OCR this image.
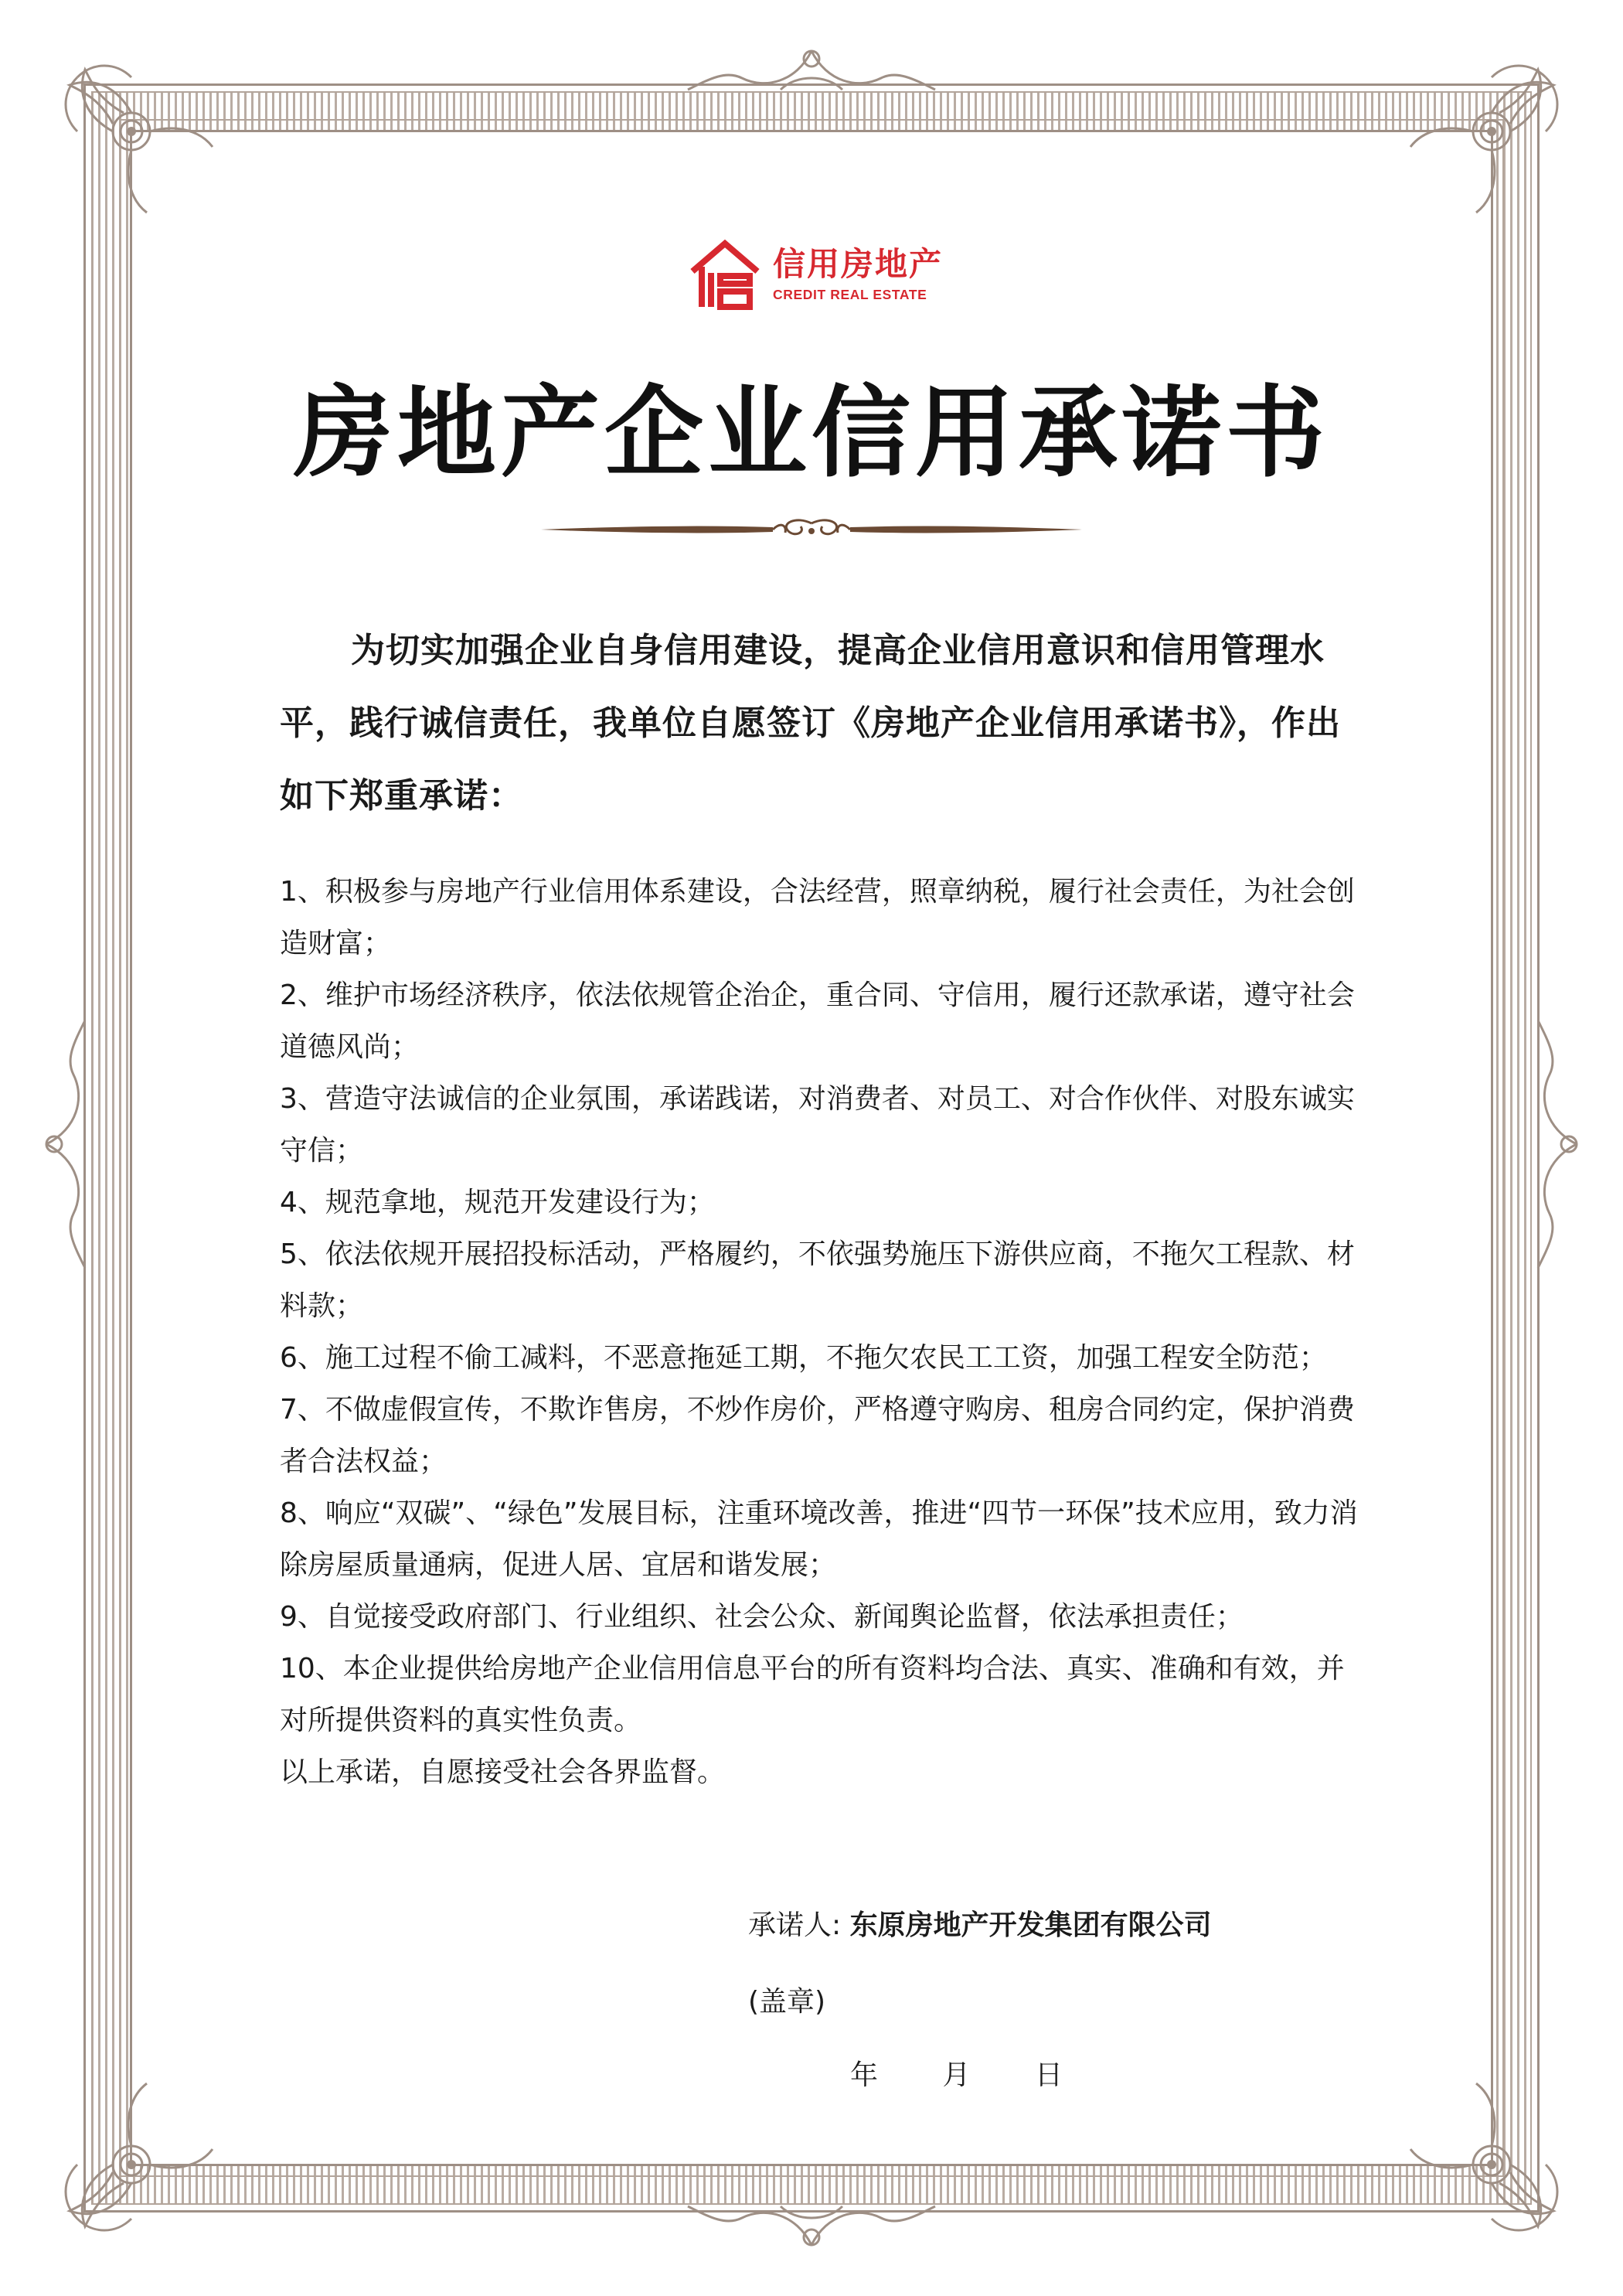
信用房地产
CREDIT REAL ESTATE
房地产企业信用承诺书
为切实加强企业自身信用建设，提高企业信用意识和信用管理水平，践行诚信责任，我单位自愿签订《房地产企业信用承诺书》，作出如下郑重承诺：

1、积极参与房地产行业信用体系建设，合法经营，照章纳税，履行社会责任，为社会创造财富；

2、维护市场经济秩序，依法依规管企治企，重合同、守信用，履行还款承诺，遵守社会道德风尚；

3、营造守法诚信的企业氛围，承诺践诺，对消费者、对员工、对合作伙伴、对股东诚实守信；

4、规范拿地，规范开发建设行为；

5、依法依规开展招投标活动，严格履约，不依强势施压下游供应商，不拖欠工程款、材料款；

6、施工过程不偷工减料，不恶意拖延工期，不拖欠农民工工资，加强工程安全防范；

7、不做虚假宣传，不欺诈售房，不炒作房价，严格遵守购房、租房合同约定，保护消费者合法权益；

8、响应“双碳”、“绿色”发展目标，注重环境改善，推进“四节一环保”技术应用，致力消除房屋质量通病，促进人居、宜居和谐发展；

9、自觉接受政府部门、行业组织、社会公众、新闻舆论监督，依法承担责任；

10、本企业提供给房地产企业信用信息平台的所有资料均合法、真实、准确和有效，并对所提供资料的真实性负责。

以上承诺，自愿接受社会各界监督。

承诺人: 东原房地产开发集团有限公司
(盖章)
年 月 日
